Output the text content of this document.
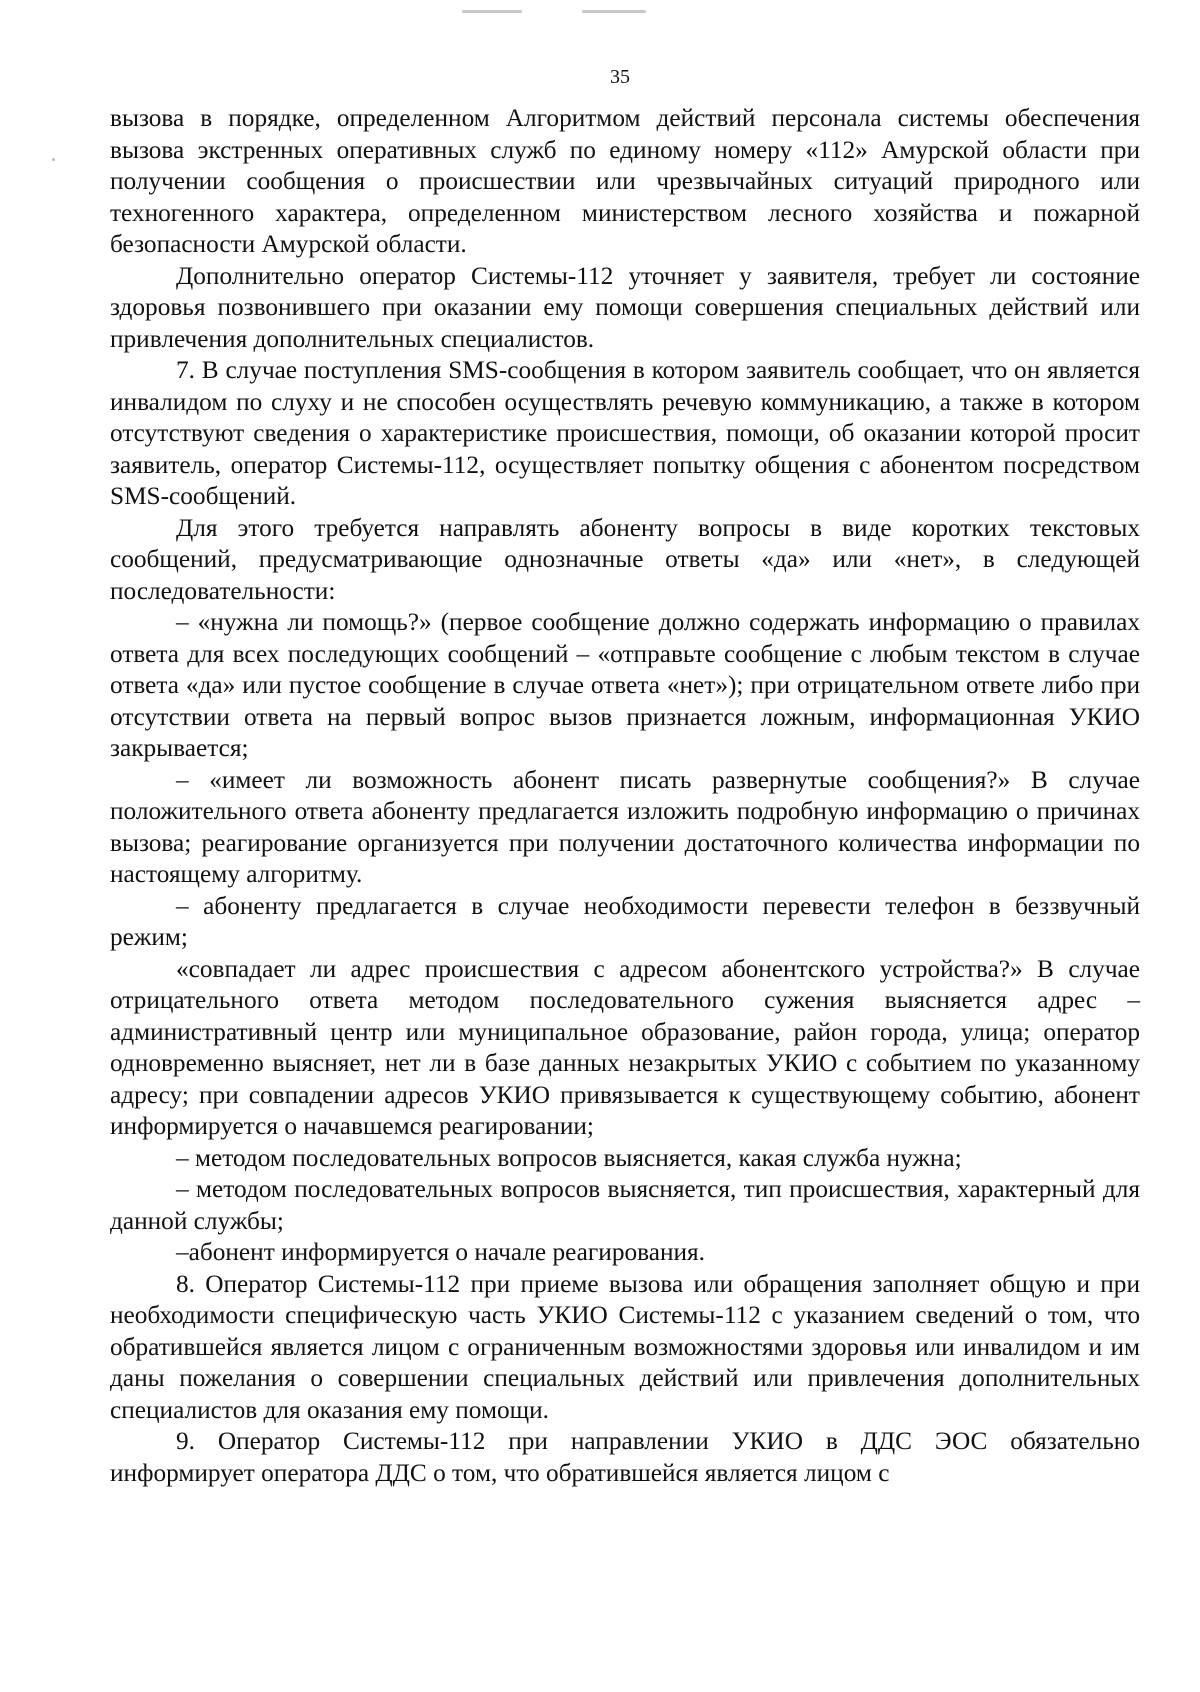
35

вызова в порядке, определенном Алгоритмом действий персонала системы обеспечения вызова экстренных оперативных служб по единому номеру «112» Амурской области при получении сообщения о происшествии или чрезвычайных ситуаций природного или техногенного характера, определенном министерством лесного хозяйства и пожарной безопасности Амурской области.

Дополнительно оператор Системы-112 уточняет у заявителя, требует ли состояние здоровья позвонившего при оказании ему помощи совершения специальных действий или привлечения дополнительных специалистов.

7. В случае поступления SMS-сообщения в котором заявитель сообщает, что он является инвалидом по слуху и не способен осуществлять речевую коммуникацию, а также в котором отсутствуют сведения о характеристике происшествия, помощи, об оказании которой просит заявитель, оператор Системы-112, осуществляет попытку общения с абонентом посредством SMS-сообщений.

Для этого требуется направлять абоненту вопросы в виде коротких текстовых сообщений, предусматривающие однозначные ответы «да» или «нет», в следующей последовательности:

– «нужна ли помощь?» (первое сообщение должно содержать информацию о правилах ответа для всех последующих сообщений – «отправьте сообщение с любым текстом в случае ответа «да» или пустое сообщение в случае ответа «нет»); при отрицательном ответе либо при отсутствии ответа на первый вопрос вызов признается ложным, информационная УКИО закрывается;

– «имеет ли возможность абонент писать развернутые сообщения?» В случае положительного ответа абоненту предлагается изложить подробную информацию о причинах вызова; реагирование организуется при получении достаточного количества информации по настоящему алгоритму.

– абоненту предлагается в случае необходимости перевести телефон в беззвучный режим;

«совпадает ли адрес происшествия с адресом абонентского устройства?» В случае отрицательного ответа методом последовательного сужения выясняется адрес – административный центр или муниципальное образование, район города, улица; оператор одновременно выясняет, нет ли в базе данных незакрытых УКИО с событием по указанному адресу; при совпадении адресов УКИО привязывается к существующему событию, абонент информируется о начавшемся реагировании;

– методом последовательных вопросов выясняется, какая служба нужна;

– методом последовательных вопросов выясняется, тип происшествия, характерный для данной службы;

–абонент информируется о начале реагирования.

8. Оператор Системы-112 при приеме вызова или обращения заполняет общую и при необходимости специфическую часть УКИО Системы-112 с указанием сведений о том, что обратившейся является лицом с ограниченным возможностями здоровья или инвалидом и им даны пожелания о совершении специальных действий или привлечения дополнительных специалистов для оказания ему помощи.

9. Оператор Системы-112 при направлении УКИО в ДДС ЭОС обязательно информирует оператора ДДС о том, что обратившейся является лицом с
